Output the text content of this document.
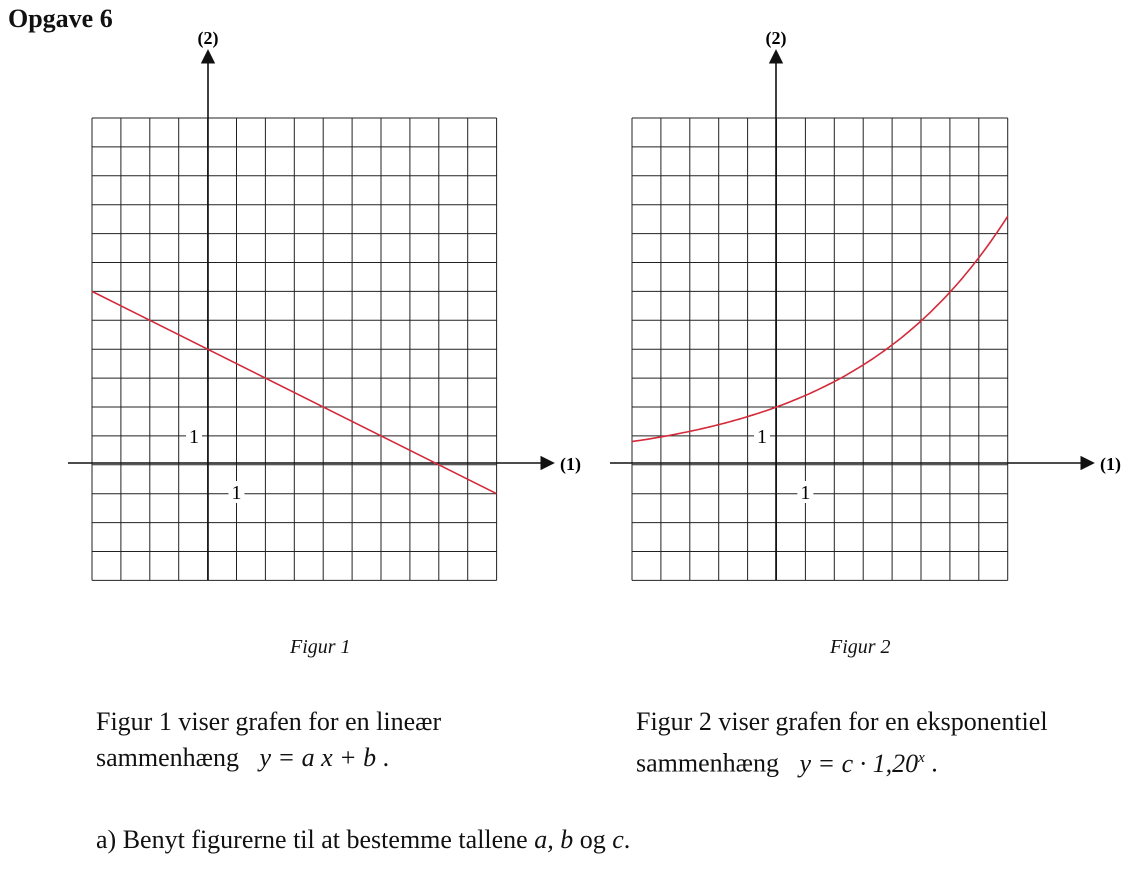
Opgave 6
(2)
(1)
1
1
(2)
(1)
1
1
Figur 1	Figur 2
Figur 1 viser grafen for en lineær
sammenhæng y = a x + b .
Figur 2 viser grafen for en eksponentiel
sammenhæng $y = c \cdot 1,20^x$ .
a) Benyt figurerne til at bestemme tallene a, b og c.
